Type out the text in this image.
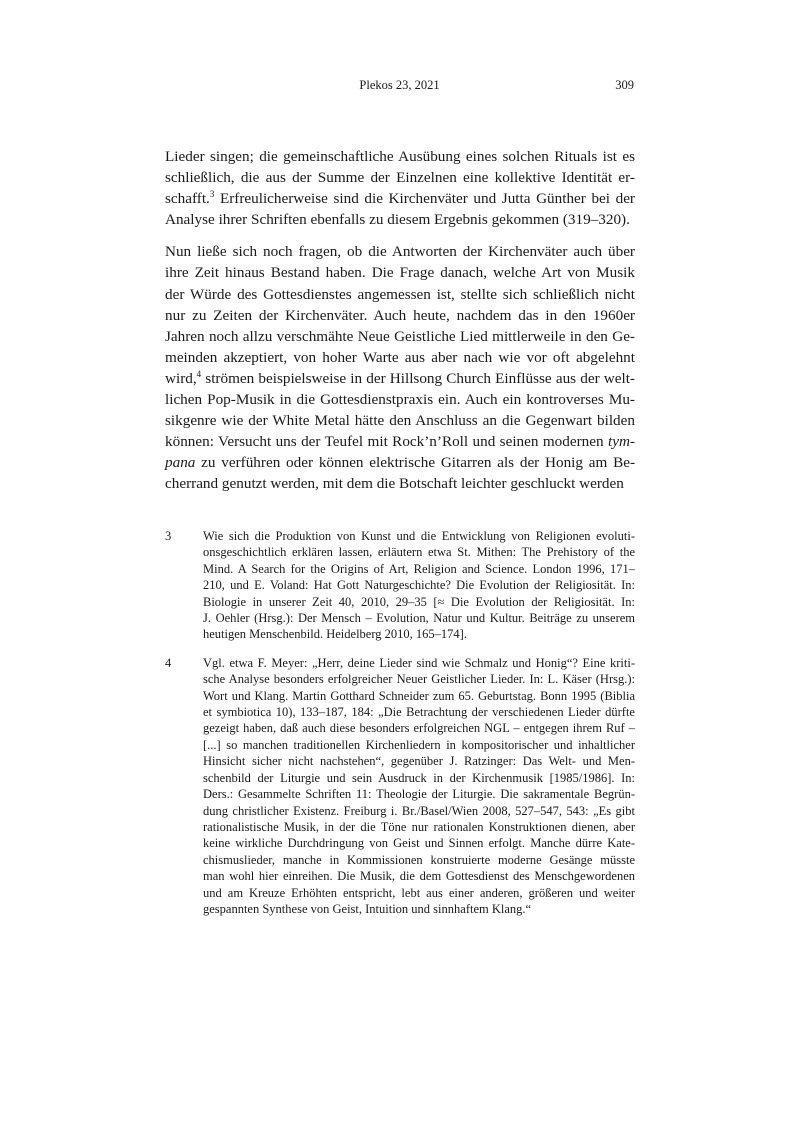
Plekos 23, 2021	309

Lieder singen; die gemeinschaftliche Ausübung eines solchen Rituals ist es
schließlich, die aus der Summe der Einzelnen eine kollektive Identität er-
schafft.$^3$ Erfreulicherweise sind die Kirchenväter und Jutta Günther bei der
Analyse ihrer Schriften ebenfalls zu diesem Ergebnis gekommen (319–320).

Nun ließe sich noch fragen, ob die Antworten der Kirchenväter auch über
ihre Zeit hinaus Bestand haben. Die Frage danach, welche Art von Musik
der Würde des Gottesdienstes angemessen ist, stellte sich schließlich nicht
nur zu Zeiten der Kirchenväter. Auch heute, nachdem das in den 1960er
Jahren noch allzu verschmähte Neue Geistliche Lied mittlerweile in den Ge-
meinden akzeptiert, von hoher Warte aus aber nach wie vor oft abgelehnt
wird,$^4$ strömen beispielsweise in der Hillsong Church Einflüsse aus der welt-
lichen Pop-Musik in die Gottesdienstpraxis ein. Auch ein kontroverses Mu-
sikgenre wie der White Metal hätte den Anschluss an die Gegenwart bilden
können: Versucht uns der Teufel mit Rock’n’Roll und seinen modernen tym-
pana zu verführen oder können elektrische Gitarren als der Honig am Be-
cherrand genutzt werden, mit dem die Botschaft leichter geschluckt werden

3	Wie sich die Produktion von Kunst und die Entwicklung von Religionen evoluti-
onsgeschichtlich erklären lassen, erläutern etwa St. Mithen: The Prehistory of the
Mind. A Search for the Origins of Art, Religion and Science. London 1996, 171–
210, und E. Voland: Hat Gott Naturgeschichte? Die Evolution der Religiosität. In:
Biologie in unserer Zeit 40, 2010, 29–35 [≈ Die Evolution der Religiosität. In:
J. Oehler (Hrsg.): Der Mensch – Evolution, Natur und Kultur. Beiträge zu unserem
heutigen Menschenbild. Heidelberg 2010, 165–174].
4	Vgl. etwa F. Meyer: „Herr, deine Lieder sind wie Schmalz und Honig“? Eine kriti-
sche Analyse besonders erfolgreicher Neuer Geistlicher Lieder. In: L. Käser (Hrsg.):
Wort und Klang. Martin Gotthard Schneider zum 65. Geburtstag. Bonn 1995 (Biblia
et symbiotica 10), 133–187, 184: „Die Betrachtung der verschiedenen Lieder dürfte
gezeigt haben, daß auch diese besonders erfolgreichen NGL – entgegen ihrem Ruf –
[...] so manchen traditionellen Kirchenliedern in kompositorischer und inhaltlicher
Hinsicht sicher nicht nachstehen“, gegenüber J. Ratzinger: Das Welt- und Men-
schenbild der Liturgie und sein Ausdruck in der Kirchenmusik [1985/1986]. In:
Ders.: Gesammelte Schriften 11: Theologie der Liturgie. Die sakramentale Begrün-
dung christlicher Existenz. Freiburg i. Br./Basel/Wien 2008, 527–547, 543: „Es gibt
rationalistische Musik, in der die Töne nur rationalen Konstruktionen dienen, aber
keine wirkliche Durchdringung von Geist und Sinnen erfolgt. Manche dürre Kate-
chismuslieder, manche in Kommissionen konstruierte moderne Gesänge müsste
man wohl hier einreihen. Die Musik, die dem Gottesdienst des Menschgewordenen
und am Kreuze Erhöhten entspricht, lebt aus einer anderen, größeren und weiter
gespannten Synthese von Geist, Intuition und sinnhaftem Klang.“
